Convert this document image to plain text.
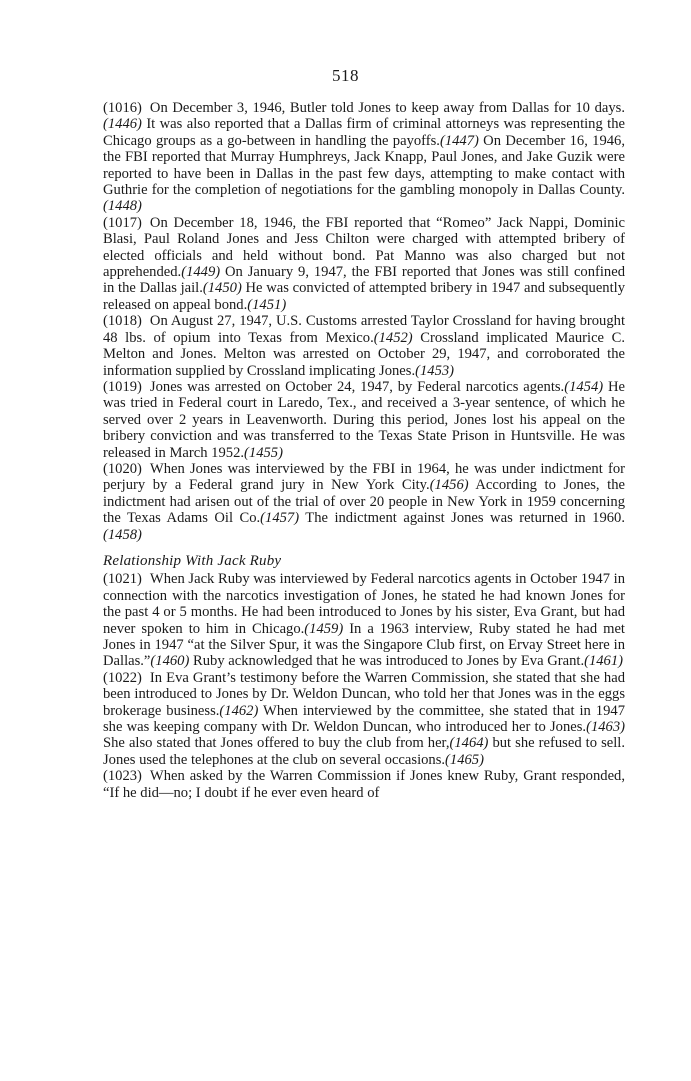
518

(1016) On December 3, 1946, Butler told Jones to keep away from Dallas for 10 days.(1446) It was also reported that a Dallas firm of criminal attorneys was representing the Chicago groups as a go-between in handling the payoffs.(1447) On December 16, 1946, the FBI reported that Murray Humphreys, Jack Knapp, Paul Jones, and Jake Guzik were reported to have been in Dallas in the past few days, attempting to make contact with Guthrie for the completion of negotiations for the gambling monopoly in Dallas County.(1448)

(1017) On December 18, 1946, the FBI reported that “Romeo” Jack Nappi, Dominic Blasi, Paul Roland Jones and Jess Chilton were charged with attempted bribery of elected officials and held without bond. Pat Manno was also charged but not apprehended.(1449) On January 9, 1947, the FBI reported that Jones was still confined in the Dallas jail.(1450) He was convicted of attempted bribery in 1947 and subsequently released on appeal bond.(1451)

(1018) On August 27, 1947, U.S. Customs arrested Taylor Crossland for having brought 48 lbs. of opium into Texas from Mexico.(1452) Crossland implicated Maurice C. Melton and Jones. Melton was arrested on October 29, 1947, and corroborated the information supplied by Crossland implicating Jones.(1453)

(1019) Jones was arrested on October 24, 1947, by Federal narcotics agents.(1454) He was tried in Federal court in Laredo, Tex., and received a 3-year sentence, of which he served over 2 years in Leavenworth. During this period, Jones lost his appeal on the bribery conviction and was transferred to the Texas State Prison in Huntsville. He was released in March 1952.(1455)

(1020) When Jones was interviewed by the FBI in 1964, he was under indictment for perjury by a Federal grand jury in New York City.(1456) According to Jones, the indictment had arisen out of the trial of over 20 people in New York in 1959 concerning the Texas Adams Oil Co.(1457) The indictment against Jones was returned in 1960.(1458)

Relationship With Jack Ruby

(1021) When Jack Ruby was interviewed by Federal narcotics agents in October 1947 in connection with the narcotics investigation of Jones, he stated he had known Jones for the past 4 or 5 months. He had been introduced to Jones by his sister, Eva Grant, but had never spoken to him in Chicago.(1459) In a 1963 interview, Ruby stated he had met Jones in 1947 “at the Silver Spur, it was the Singapore Club first, on Ervay Street here in Dallas.”(1460) Ruby acknowledged that he was introduced to Jones by Eva Grant.(1461)

(1022) In Eva Grant’s testimony before the Warren Commission, she stated that she had been introduced to Jones by Dr. Weldon Duncan, who told her that Jones was in the eggs brokerage business.(1462) When interviewed by the committee, she stated that in 1947 she was keeping company with Dr. Weldon Duncan, who introduced her to Jones.(1463) She also stated that Jones offered to buy the club from her,(1464) but she refused to sell. Jones used the telephones at the club on several occasions.(1465)

(1023) When asked by the Warren Commission if Jones knew Ruby, Grant responded, “If he did—no; I doubt if he ever even heard of
